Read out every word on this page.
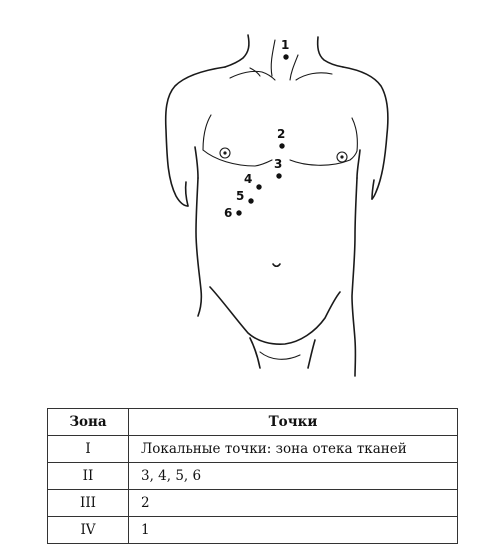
1
2
3
4
5
6
Зона	Точки
I	Локальные точки: зона отека тканей
II	3, 4, 5, 6
III	2
IV	1
